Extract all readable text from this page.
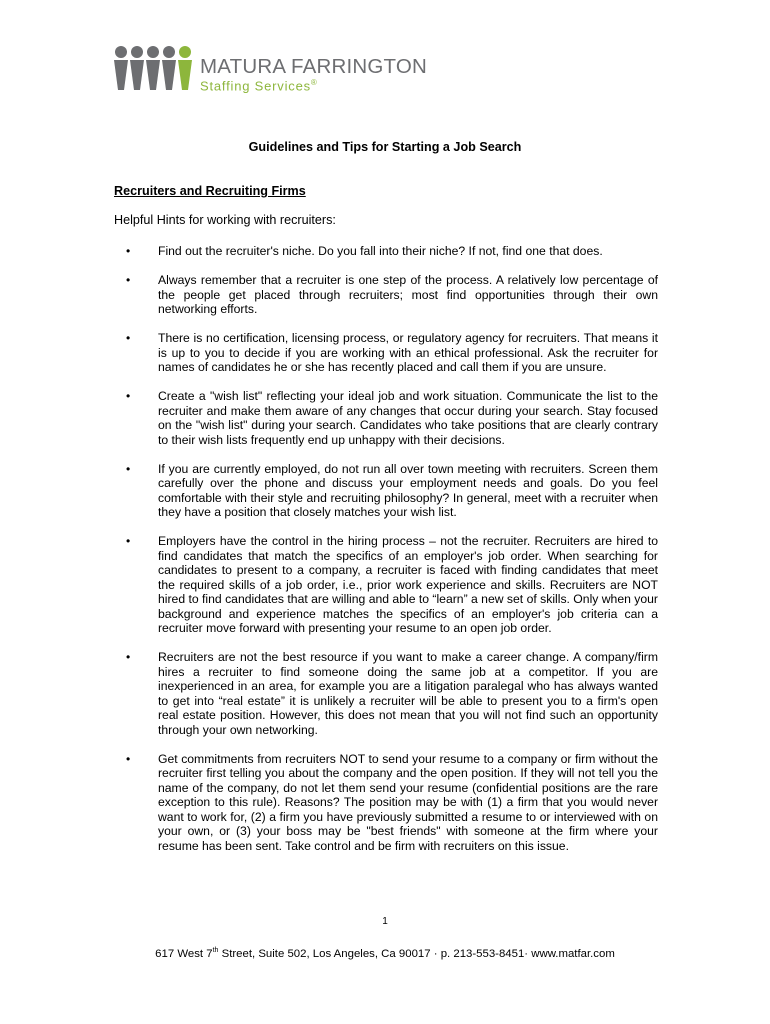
MATURA FARRINGTON
Staffing Services®
Guidelines and Tips for Starting a Job Search
Recruiters and Recruiting Firms
Helpful Hints for working with recruiters:
• Find out the recruiter's niche. Do you fall into their niche? If not, find one that does.
• Always remember that a recruiter is one step of the process. A relatively low percentage of the people get placed through recruiters; most find opportunities through their own networking efforts.
• There is no certification, licensing process, or regulatory agency for recruiters. That means it is up to you to decide if you are working with an ethical professional. Ask the recruiter for names of candidates he or she has recently placed and call them if you are unsure.
• Create a "wish list" reflecting your ideal job and work situation. Communicate the list to the recruiter and make them aware of any changes that occur during your search. Stay focused on the "wish list" during your search. Candidates who take positions that are clearly contrary to their wish lists frequently end up unhappy with their decisions.
• If you are currently employed, do not run all over town meeting with recruiters. Screen them carefully over the phone and discuss your employment needs and goals. Do you feel comfortable with their style and recruiting philosophy? In general, meet with a recruiter when they have a position that closely matches your wish list.
• Employers have the control in the hiring process – not the recruiter. Recruiters are hired to find candidates that match the specifics of an employer's job order. When searching for candidates to present to a company, a recruiter is faced with finding candidates that meet the required skills of a job order, i.e., prior work experience and skills. Recruiters are NOT hired to find candidates that are willing and able to “learn” a new set of skills. Only when your background and experience matches the specifics of an employer's job criteria can a recruiter move forward with presenting your resume to an open job order.
• Recruiters are not the best resource if you want to make a career change. A company/firm hires a recruiter to find someone doing the same job at a competitor. If you are inexperienced in an area, for example you are a litigation paralegal who has always wanted to get into “real estate” it is unlikely a recruiter will be able to present you to a firm's open real estate position. However, this does not mean that you will not find such an opportunity through your own networking.
• Get commitments from recruiters NOT to send your resume to a company or firm without the recruiter first telling you about the company and the open position. If they will not tell you the name of the company, do not let them send your resume (confidential positions are the rare exception to this rule). Reasons? The position may be with (1) a firm that you would never want to work for, (2) a firm you have previously submitted a resume to or interviewed with on your own, or (3) your boss may be "best friends" with someone at the firm where your resume has been sent. Take control and be firm with recruiters on this issue.
1
617 West 7th Street, Suite 502, Los Angeles, Ca 90017 · p. 213-553-8451· www.matfar.com
